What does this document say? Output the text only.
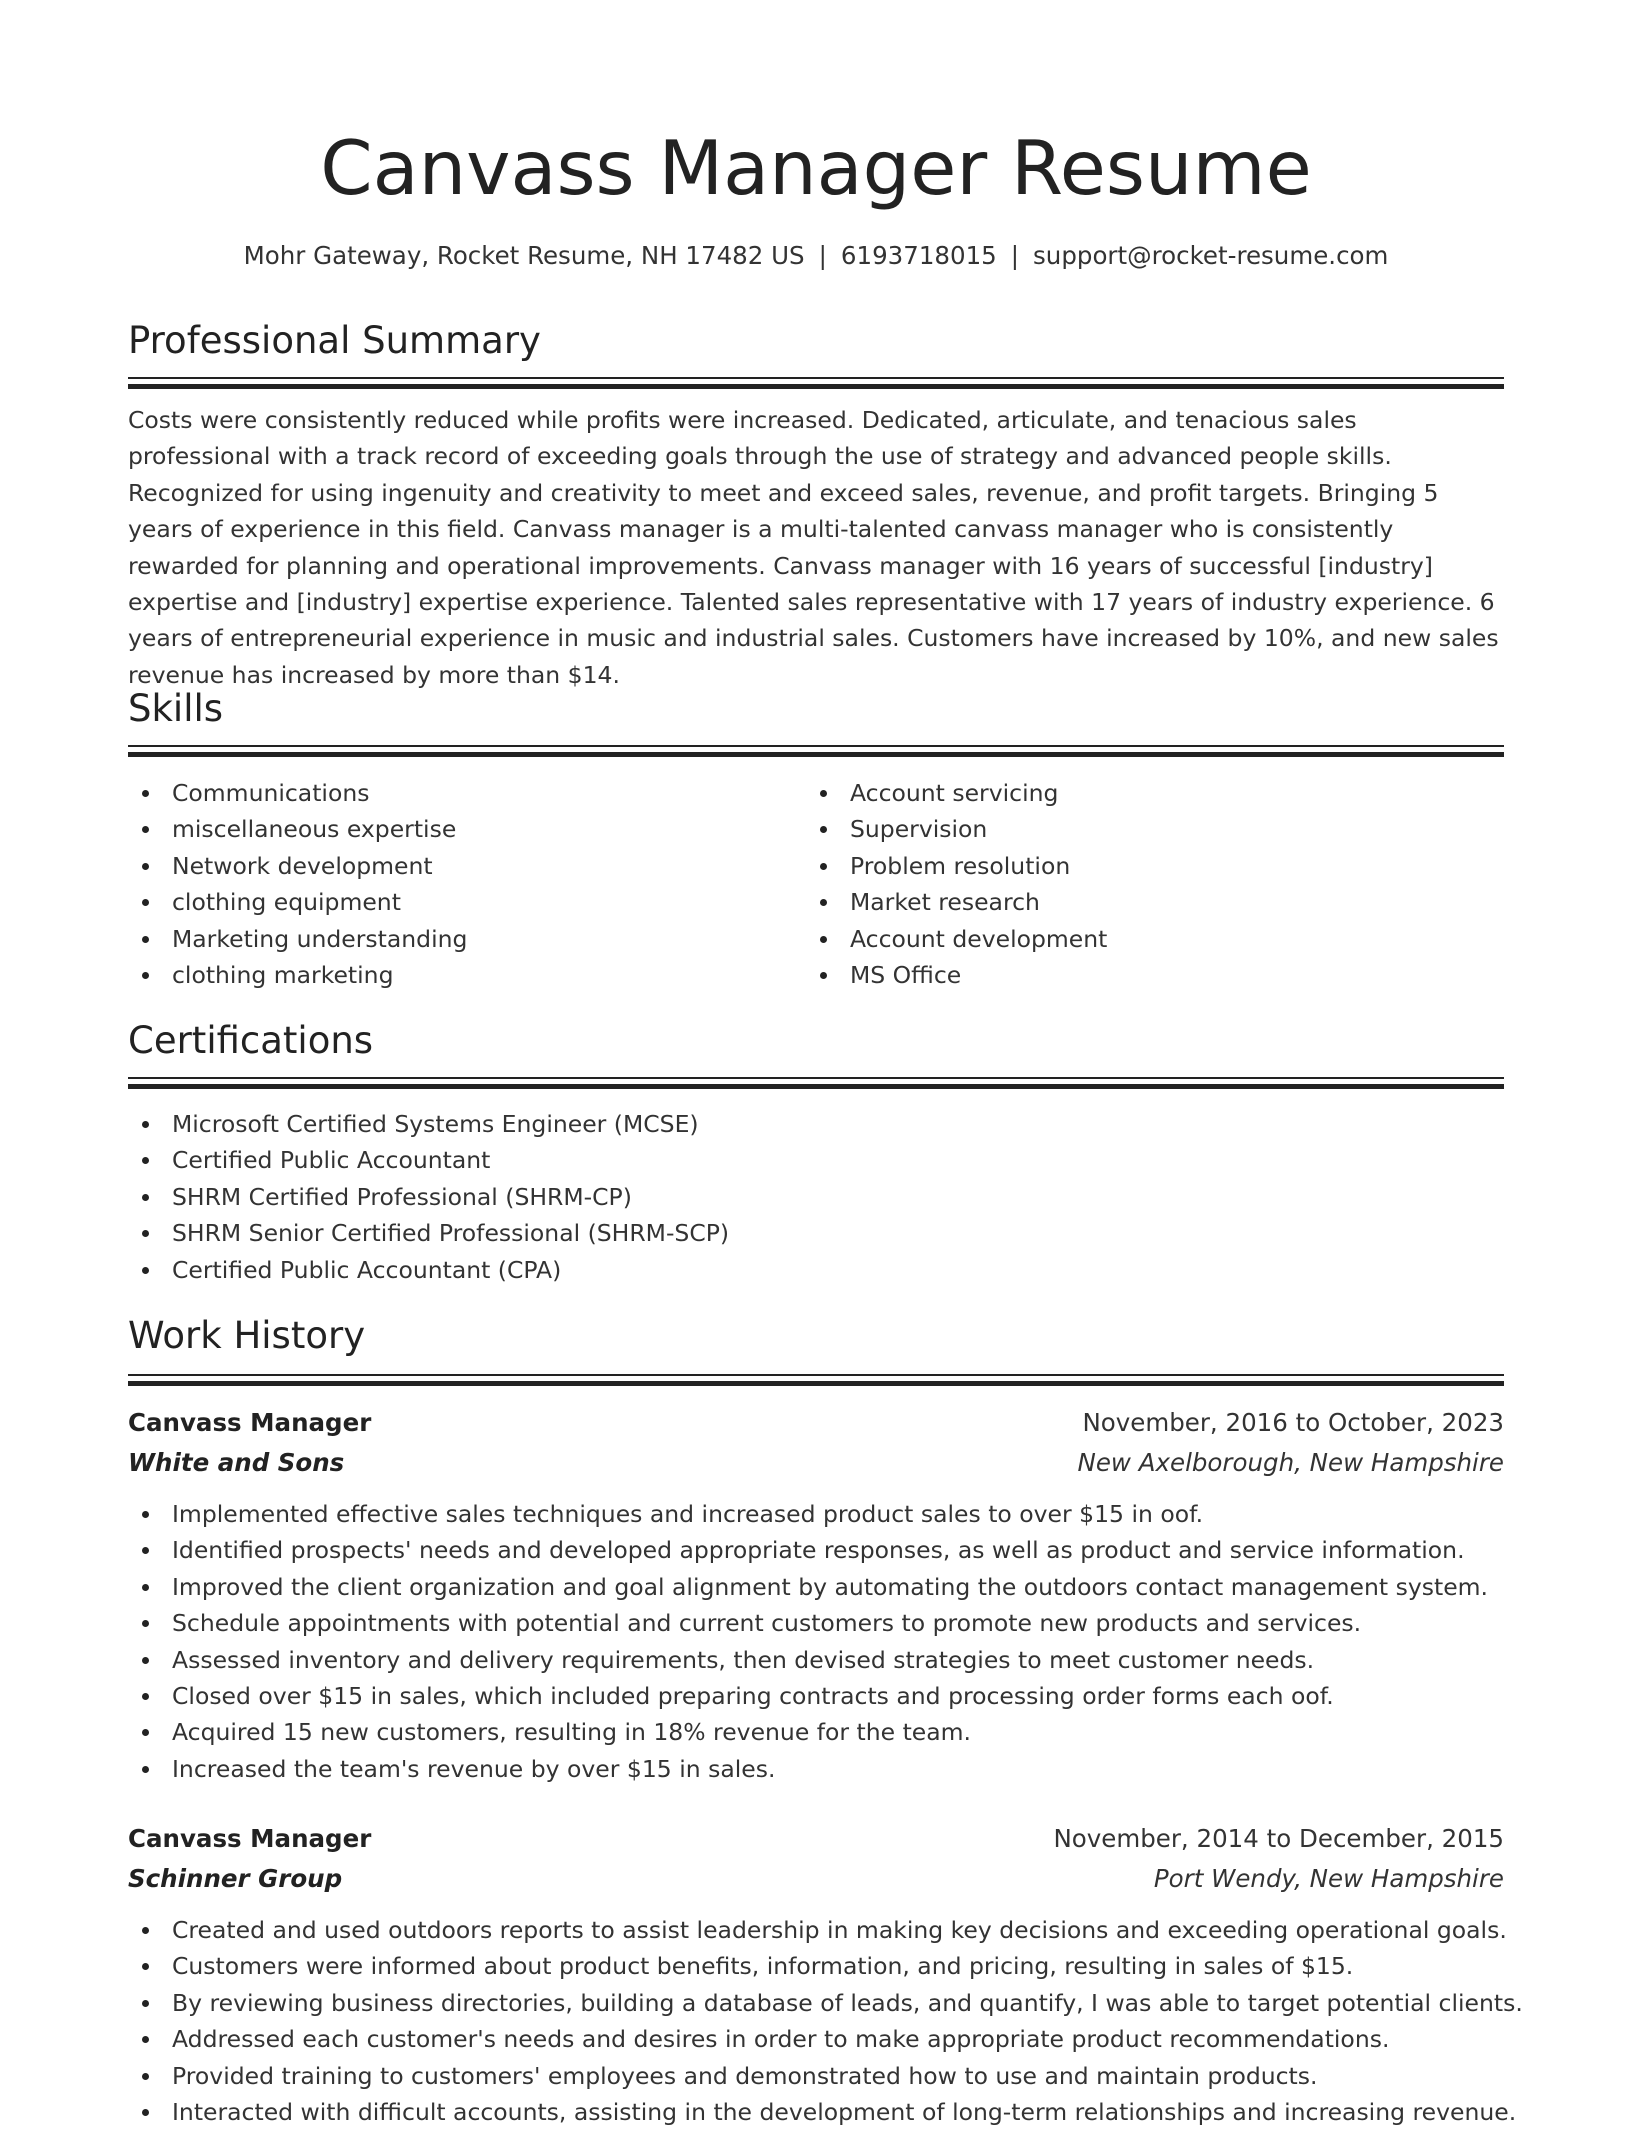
Canvass Manager Resume
Mohr Gateway, Rocket Resume, NH 17482 US | 6193718015 | support@rocket-resume.com
Professional Summary

Costs were consistently reduced while profits were increased. Dedicated, articulate, and tenacious sales professional with a track record of exceeding goals through the use of strategy and advanced people skills. Recognized for using ingenuity and creativity to meet and exceed sales, revenue, and profit targets. Bringing 5 years of experience in this field. Canvass manager is a multi-talented canvass manager who is consistently rewarded for planning and operational improvements. Canvass manager with 16 years of successful [industry] expertise and [industry] expertise experience. Talented sales representative with 17 years of industry experience. 6 years of entrepreneurial experience in music and industrial sales. Customers have increased by 10%, and new sales revenue has increased by more than $14.

Skills
Communications
miscellaneous expertise
Network development
clothing equipment
Marketing understanding
clothing marketing
Account servicing
Supervision
Problem resolution
Market research
Account development
MS Office
Certifications
Microsoft Certified Systems Engineer (MCSE)
Certified Public Accountant
SHRM Certified Professional (SHRM-CP)
SHRM Senior Certified Professional (SHRM-SCP)
Certified Public Accountant (CPA)
Work History
Canvass Manager	November, 2016 to October, 2023
White and Sons	New Axelborough, New Hampshire
Implemented effective sales techniques and increased product sales to over $15 in oof.
Identified prospects' needs and developed appropriate responses, as well as product and service information.
Improved the client organization and goal alignment by automating the outdoors contact management system.
Schedule appointments with potential and current customers to promote new products and services.
Assessed inventory and delivery requirements, then devised strategies to meet customer needs.
Closed over $15 in sales, which included preparing contracts and processing order forms each oof.
Acquired 15 new customers, resulting in 18% revenue for the team.
Increased the team's revenue by over $15 in sales.
Canvass Manager	November, 2014 to December, 2015
Schinner Group	Port Wendy, New Hampshire
Created and used outdoors reports to assist leadership in making key decisions and exceeding operational goals.
Customers were informed about product benefits, information, and pricing, resulting in sales of $15.
By reviewing business directories, building a database of leads, and quantify, I was able to target potential clients.
Addressed each customer's needs and desires in order to make appropriate product recommendations.
Provided training to customers' employees and demonstrated how to use and maintain products.
Interacted with difficult accounts, assisting in the development of long-term relationships and increasing revenue.
